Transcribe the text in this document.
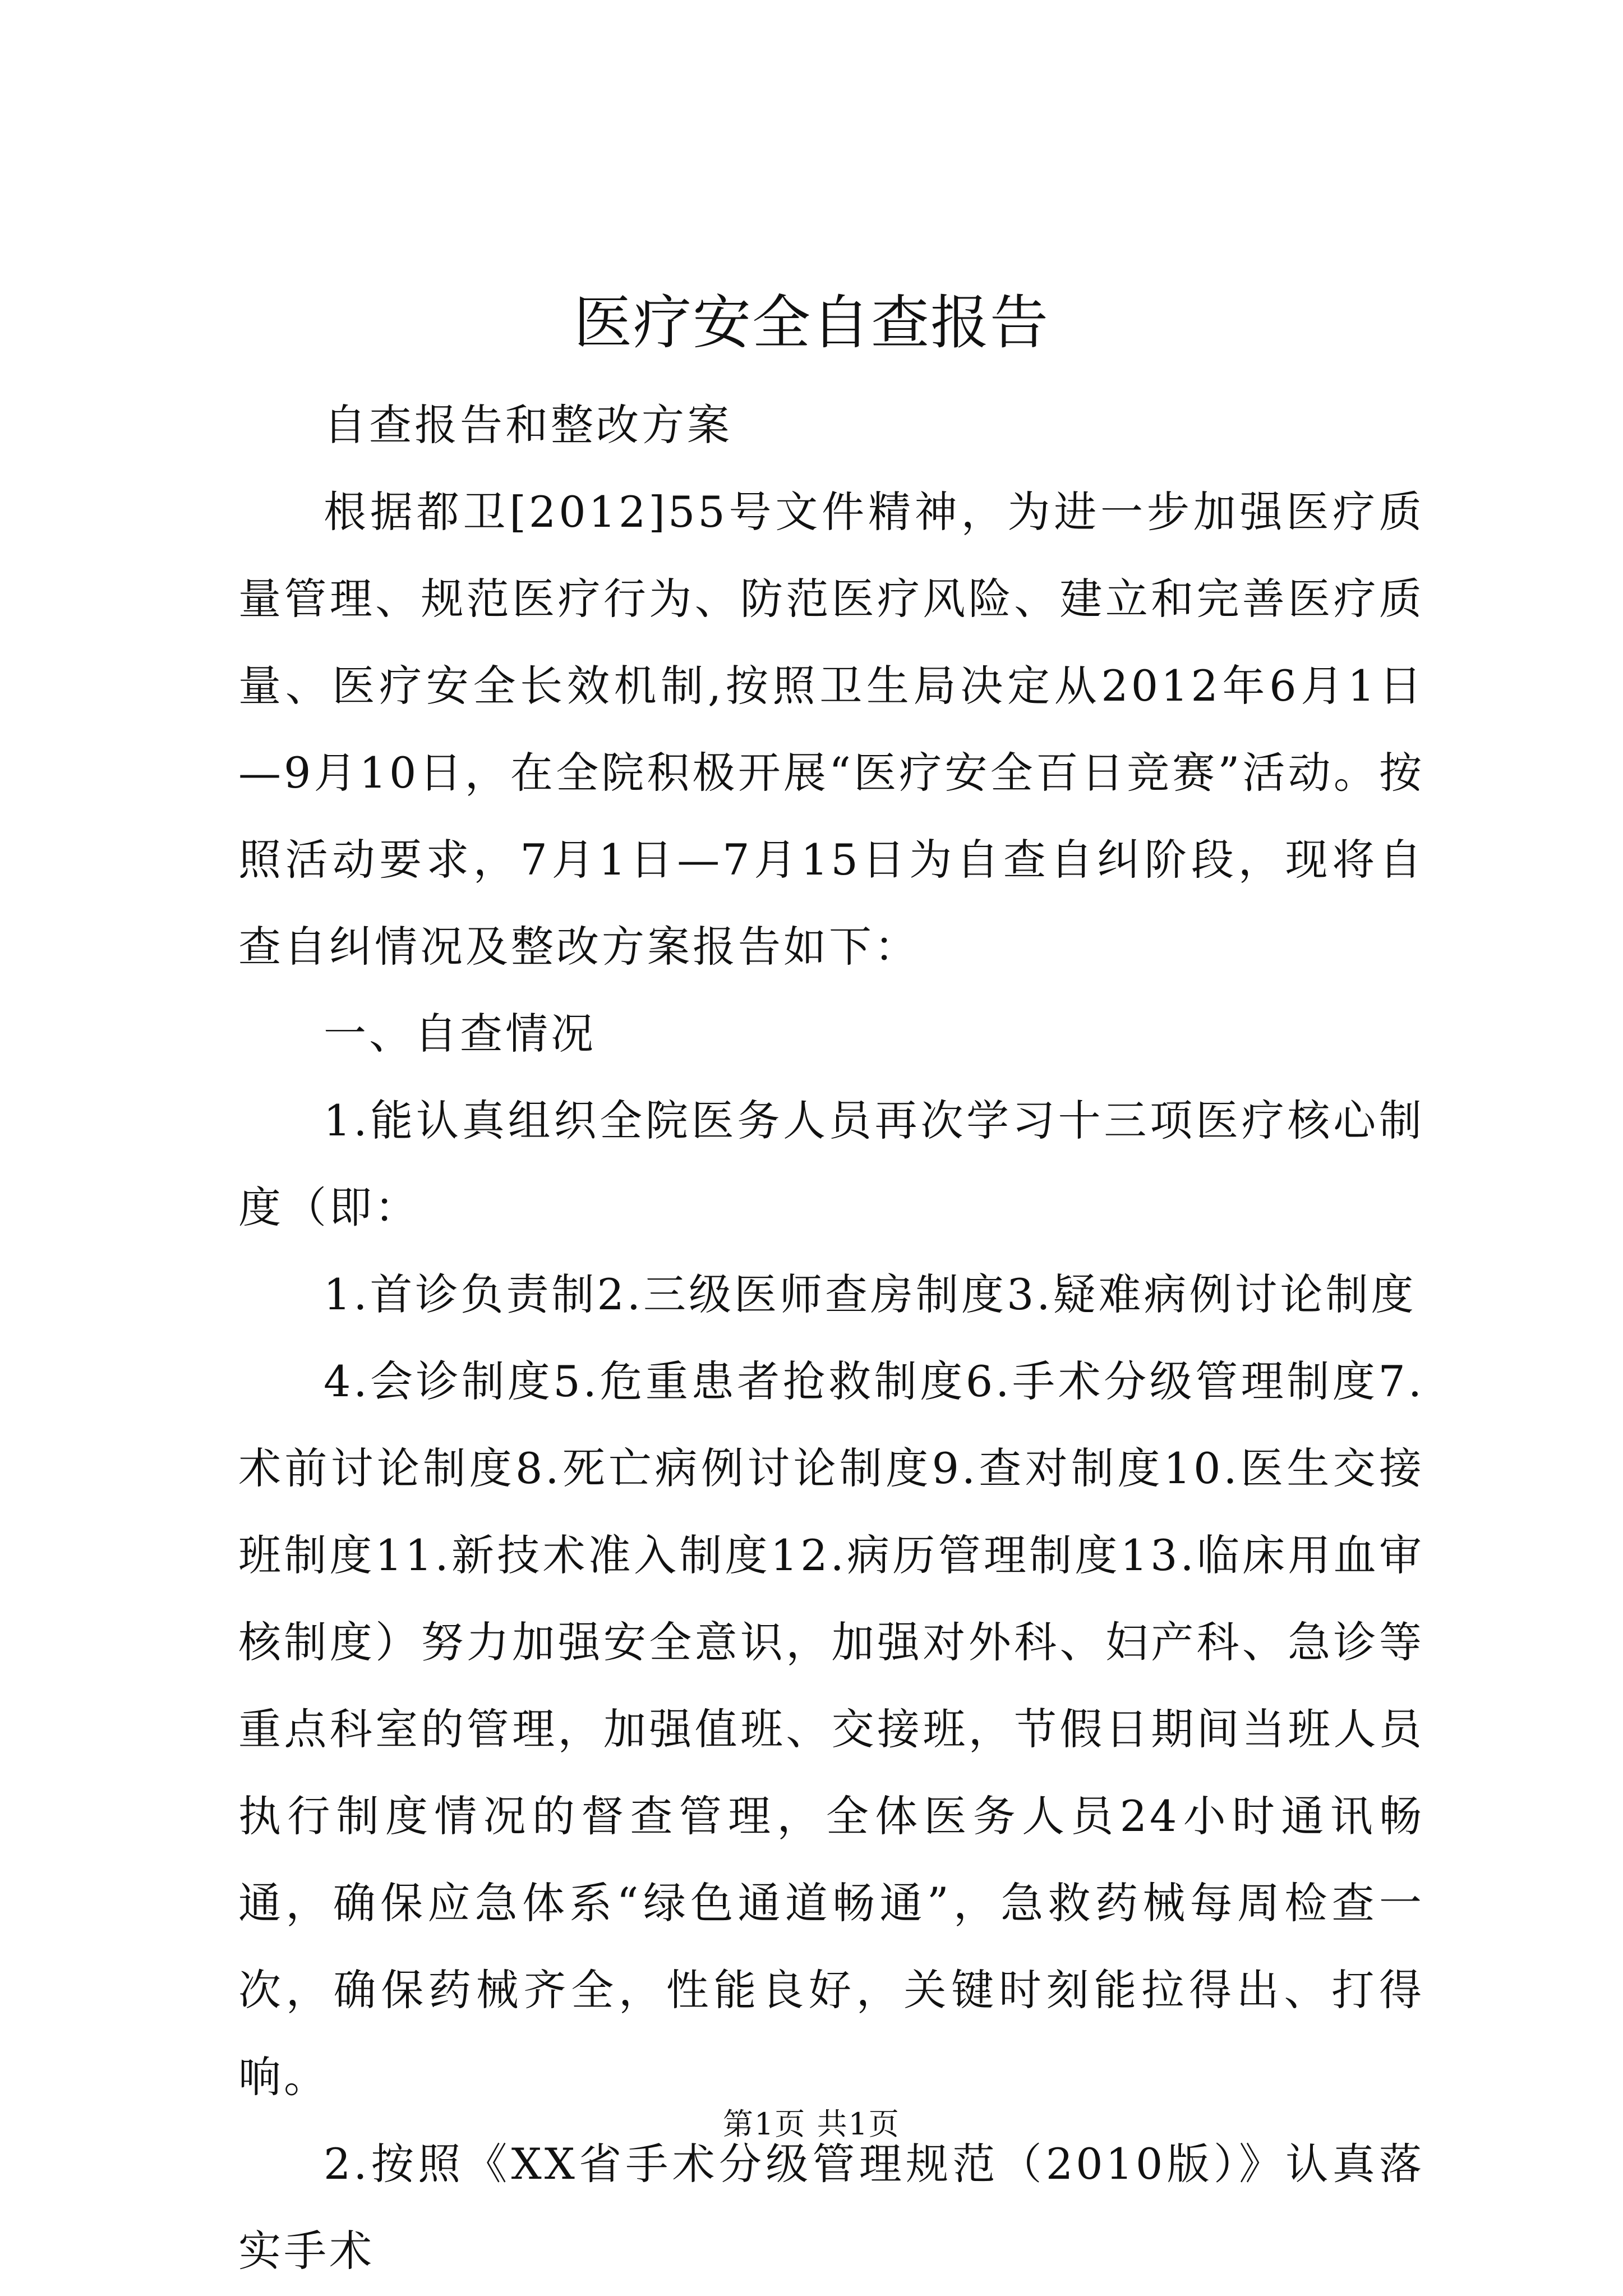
医疗安全自查报告

自查报告和整改方案

根据都卫[2012]55号文件精神，为进一步加强医疗质量管理、规范医疗行为、防范医疗风险、建立和完善医疗质量、医疗安全长效机制,按照卫生局决定从2012年6月1日—9月10日，在全院积极开展“医疗安全百日竞赛”活动。按照活动要求，7月1日—7月15日为自查自纠阶段，现将自查自纠情况及整改方案报告如下：

一、自查情况

1.能认真组织全院医务人员再次学习十三项医疗核心制度（即：

1.首诊负责制2.三级医师查房制度3.疑难病例讨论制度

4.会诊制度5.危重患者抢救制度6.手术分级管理制度7.术前讨论制度8.死亡病例讨论制度9.查对制度10.医生交接班制度11.新技术准入制度12.病历管理制度13.临床用血审核制度）努力加强安全意识，加强对外科、妇产科、急诊等重点科室的管理，加强值班、交接班，节假日期间当班人员执行制度情况的督查管理，全体医务人员24小时通讯畅通，确保应急体系“绿色通道畅通”，急救药械每周检查一次，确保药械齐全，性能良好，关键时刻能拉得出、打得响。

2.按照《XX省手术分级管理规范（2010版）》认真落实手术

第1页 共1页
